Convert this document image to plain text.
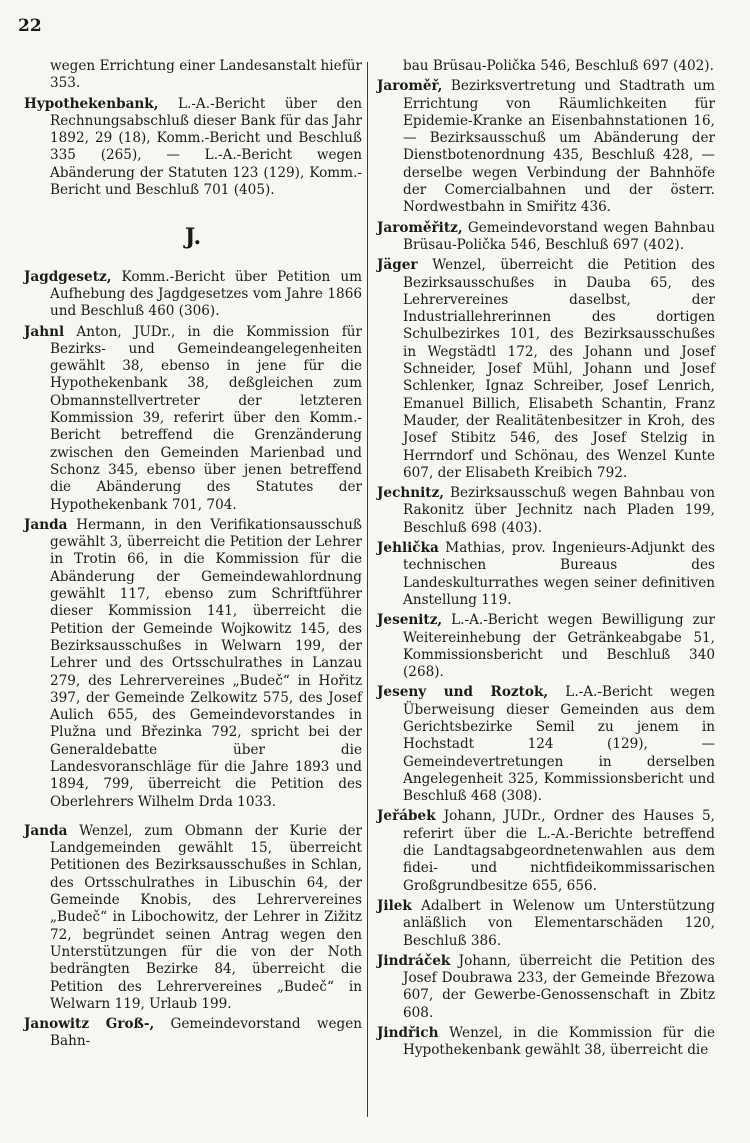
22

wegen Errichtung einer Landesanstalt hiefür 353.

Hypothekenbank, L.-A.-Bericht über den Rechnungsabschluß dieser Bank für das Jahr 1892, 29 (18), Komm.-Bericht und Beschluß 335 (265), — L.-A.-Bericht wegen Abänderung der Statuten 123 (129), Komm.-Bericht und Beschluß 701 (405).

J.

Jagdgesetz, Komm.-Bericht über Petition um Aufhebung des Jagdgesetzes vom Jahre 1866 und Beschluß 460 (306).

Jahnl Anton, JUDr., in die Kommission für Bezirks- und Gemeindeangelegenheiten gewählt 38, ebenso in jene für die Hypothekenbank 38, deßgleichen zum Obmannstellvertreter der letzteren Kommission 39, referirt über den Komm.-Bericht betreffend die Grenzänderung zwischen den Gemeinden Marienbad und Schonz 345, ebenso über jenen betreffend die Abänderung des Statutes der Hypothekenbank 701, 704.

Janda Hermann, in den Verifikationsausschuß gewählt 3, überreicht die Petition der Lehrer in Trotin 66, in die Kommission für die Abänderung der Gemeindewahlordnung gewählt 117, ebenso zum Schriftführer dieser Kommission 141, überreicht die Petition der Gemeinde Wojkowitz 145, des Bezirksausschußes in Welwarn 199, der Lehrer und des Ortsschulrathes in Lanzau 279, des Lehrervereines „Budeč“ in Hořitz 397, der Gemeinde Zelkowitz 575, des Josef Aulich 655, des Gemeindevorstandes in Plužna und Březinka 792, spricht bei der Generaldebatte über die Landesvoranschläge für die Jahre 1893 und 1894, 799, überreicht die Petition des Oberlehrers Wilhelm Drda 1033.

Janda Wenzel, zum Obmann der Kurie der Landgemeinden gewählt 15, überreicht Petitionen des Bezirksausschußes in Schlan, des Ortsschulrathes in Libuschin 64, der Gemeinde Knobis, des Lehrervereines „Budeč“ in Libochowitz, der Lehrer in Zižitz 72, begründet seinen Antrag wegen den Unterstützungen für die von der Noth bedrängten Bezirke 84, überreicht die Petition des Lehrervereines „Budeč“ in Welwarn 119, Urlaub 199.

Janowitz Groß-, Gemeindevorstand wegen Bahn-

bau Brüsau-Polička 546, Beschluß 697 (402).

Jaroměř, Bezirksvertretung und Stadtrath um Errichtung von Räumlichkeiten für Epidemie-Kranke an Eisenbahnstationen 16, — Bezirksausschuß um Abänderung der Dienstbotenordnung 435, Beschluß 428, — derselbe wegen Verbindung der Bahnhöfe der Comercialbahnen und der österr. Nordwestbahn in Smiřitz 436.

Jaroměřitz, Gemeindevorstand wegen Bahnbau Brüsau-Polička 546, Beschluß 697 (402).

Jäger Wenzel, überreicht die Petition des Bezirksausschußes in Dauba 65, des Lehrervereines daselbst, der Industriallehrerinnen des dortigen Schulbezirkes 101, des Bezirksausschußes in Wegstädtl 172, des Johann und Josef Schneider, Josef Mühl, Johann und Josef Schlenker, Ignaz Schreiber, Josef Lenrich, Emanuel Billich, Elisabeth Schantin, Franz Mauder, der Realitätenbesitzer in Kroh, des Josef Stibitz 546, des Josef Stelzig in Herrndorf und Schönau, des Wenzel Kunte 607, der Elisabeth Kreibich 792.

Jechnitz, Bezirksausschuß wegen Bahnbau von Rakonitz über Jechnitz nach Pladen 199, Beschluß 698 (403).

Jehlička Mathias, prov. Ingenieurs-Adjunkt des technischen Bureaus des Landeskulturrathes wegen seiner definitiven Anstellung 119.

Jesenitz, L.-A.-Bericht wegen Bewilligung zur Weitereinhebung der Getränkeabgabe 51, Kommissionsbericht und Beschluß 340 (268).

Jeseny und Roztok, L.-A.-Bericht wegen Überweisung dieser Gemeinden aus dem Gerichtsbezirke Semil zu jenem in Hochstadt 124 (129), — Gemeindevertretungen in derselben Angelegenheit 325, Kommissionsbericht und Beschluß 468 (308).

Jeřábek Johann, JUDr., Ordner des Hauses 5, referirt über die L.-A.-Berichte betreffend die Landtagsabgeordnetenwahlen aus dem fidei- und nichtfideikommissarischen Großgrundbesitze 655, 656.

Jilek Adalbert in Welenow um Unterstützung anläßlich von Elementarschäden 120, Beschluß 386.

Jindráček Johann, überreicht die Petition des Josef Doubrawa 233, der Gemeinde Březowa 607, der Gewerbe-Genossenschaft in Zbitz 608.

Jindřich Wenzel, in die Kommission für die Hypothekenbank gewählt 38, überreicht die
